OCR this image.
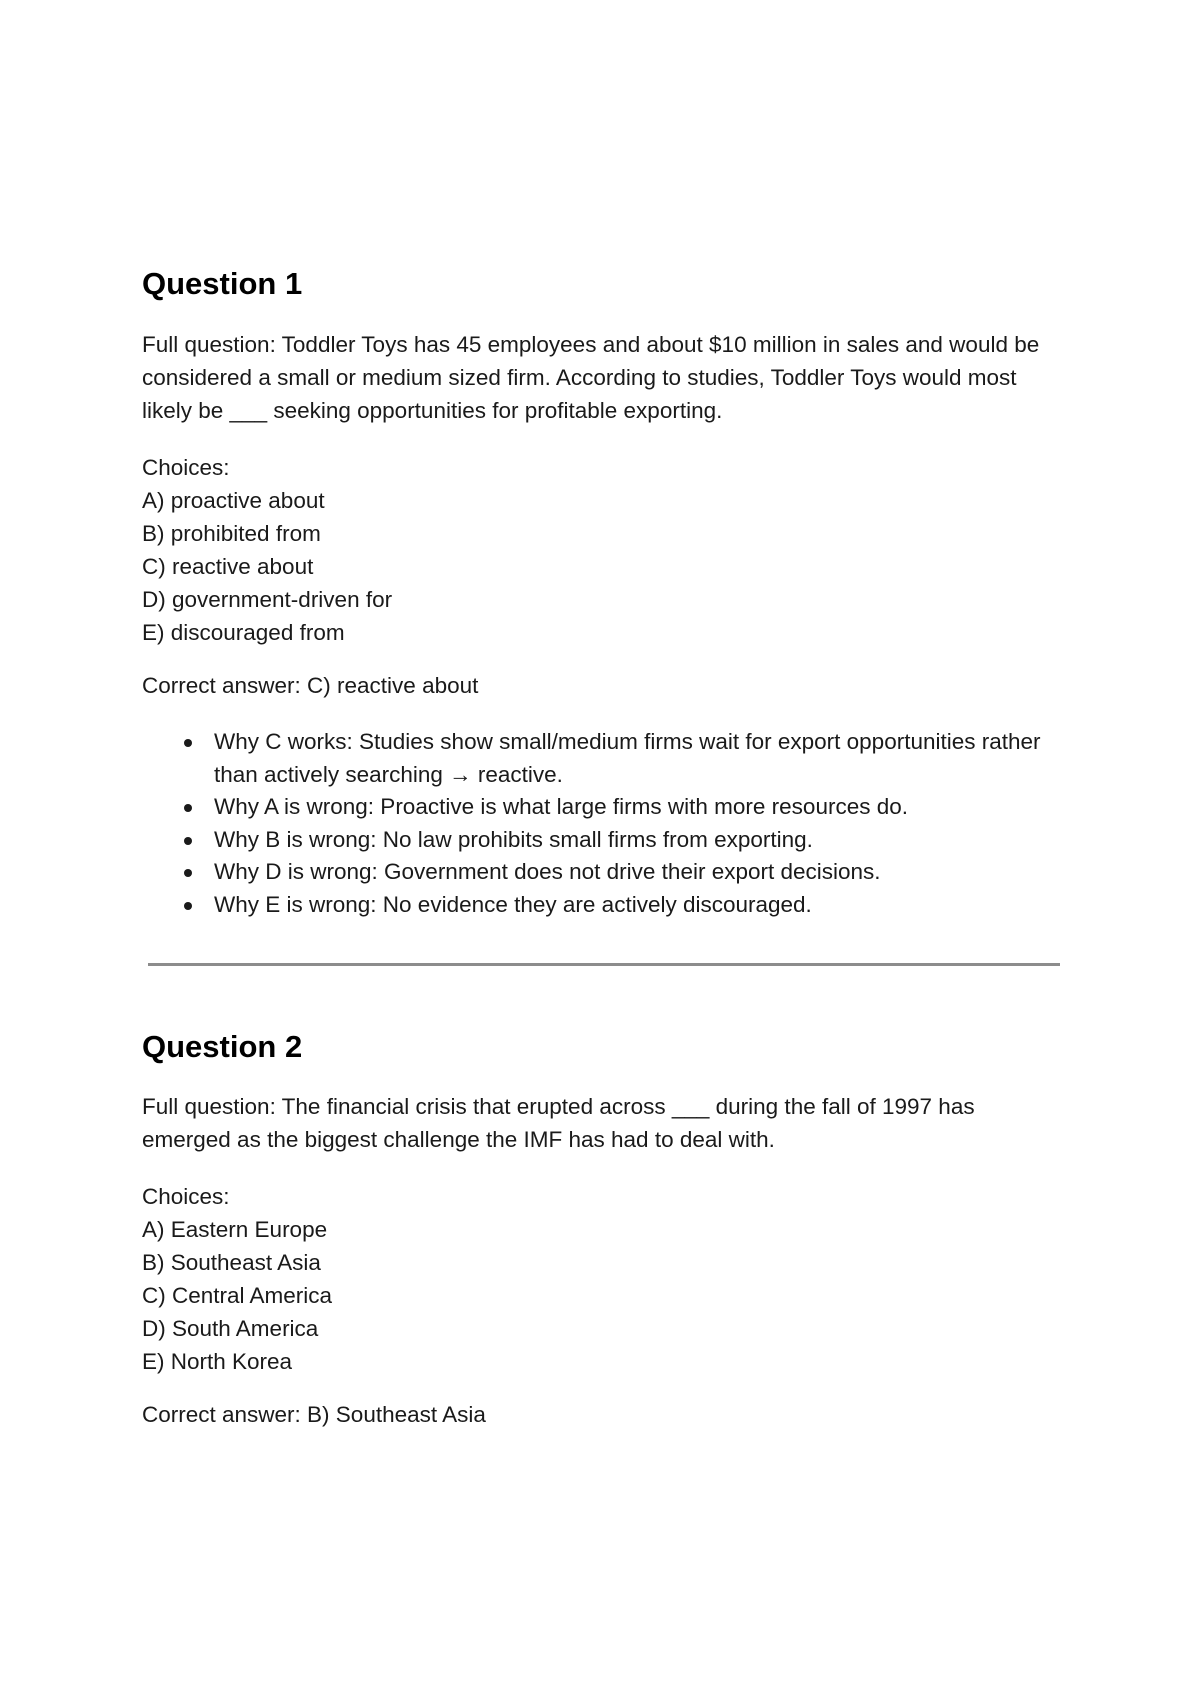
Question 1

Full question: Toddler Toys has 45 employees and about $10 million in sales and would be considered a small or medium sized firm. According to studies, Toddler Toys would most likely be ___ seeking opportunities for profitable exporting.

Choices:
A) proactive about
B) prohibited from
C) reactive about
D) government-driven for
E) discouraged from

Correct answer: C) reactive about

Why C works: Studies show small/medium firms wait for export opportunities rather than actively searching → reactive.
Why A is wrong: Proactive is what large firms with more resources do.
Why B is wrong: No law prohibits small firms from exporting.
Why D is wrong: Government does not drive their export decisions.
Why E is wrong: No evidence they are actively discouraged.
Question 2

Full question: The financial crisis that erupted across ___ during the fall of 1997 has emerged as the biggest challenge the IMF has had to deal with.

Choices:
A) Eastern Europe
B) Southeast Asia
C) Central America
D) South America
E) North Korea

Correct answer: B) Southeast Asia
